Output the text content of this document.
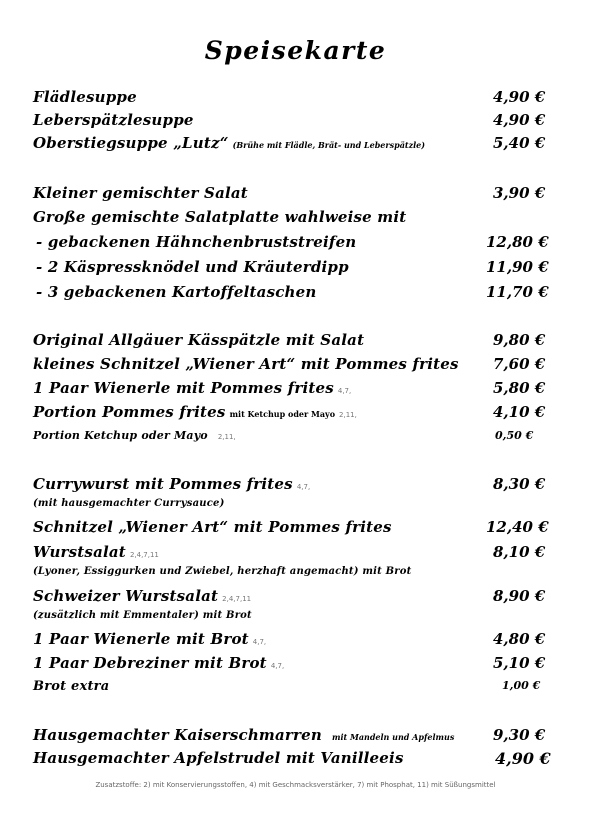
Speisekarte
Flädlesuppe	4,90 €
Leberspätzlesuppe	4,90 €
Oberstiegsuppe „Lutz“ (Brühe mit Flädle, Brät- und Leberspätzle)	5,40 €
Kleiner gemischter Salat	3,90 €
Große gemischte Salatplatte wahlweise mit
- gebackenen Hähnchenbruststreifen	12,80 €
- 2 Käspressknödel und Kräuterdipp	11,90 €
- 3 gebackenen Kartoffeltaschen	11,70 €
Original Allgäuer Kässpätzle mit Salat	9,80 €
kleines Schnitzel „Wiener Art“ mit Pommes frites 7,60 €
1 Paar Wienerle mit Pommes frites 4,7,	5,80 €
Portion Pommes frites mit Ketchup oder Mayo 2,11,	4,10 €
Portion Ketchup oder Mayo 2,11,	0,50 €
Currywurst mit Pommes frites 4,7,	8,30 €
(mit hausgemachter Currysauce)
Schnitzel „Wiener Art“ mit Pommes frites	12,40 €
Wurstsalat 2,4,7,11	8,10 €
(Lyoner, Essiggurken und Zwiebel, herzhaft angemacht) mit Brot
Schweizer Wurstsalat 2,4,7,11	8,90 €
(zusätzlich mit Emmentaler) mit Brot
1 Paar Wienerle mit Brot 4,7,	4,80 €
1 Paar Debreziner mit Brot 4,7,	5,10 €
Brot extra	1,00 €
Hausgemachter Kaiserschmarren mit Mandeln und Apfelmus	9,30 €
Hausgemachter Apfelstrudel mit Vanilleeis	4,90 €
Zusatzstoffe: 2) mit Konservierungsstoffen, 4) mit Geschmacksverstärker, 7) mit Phosphat, 11) mit Süßungsmittel
